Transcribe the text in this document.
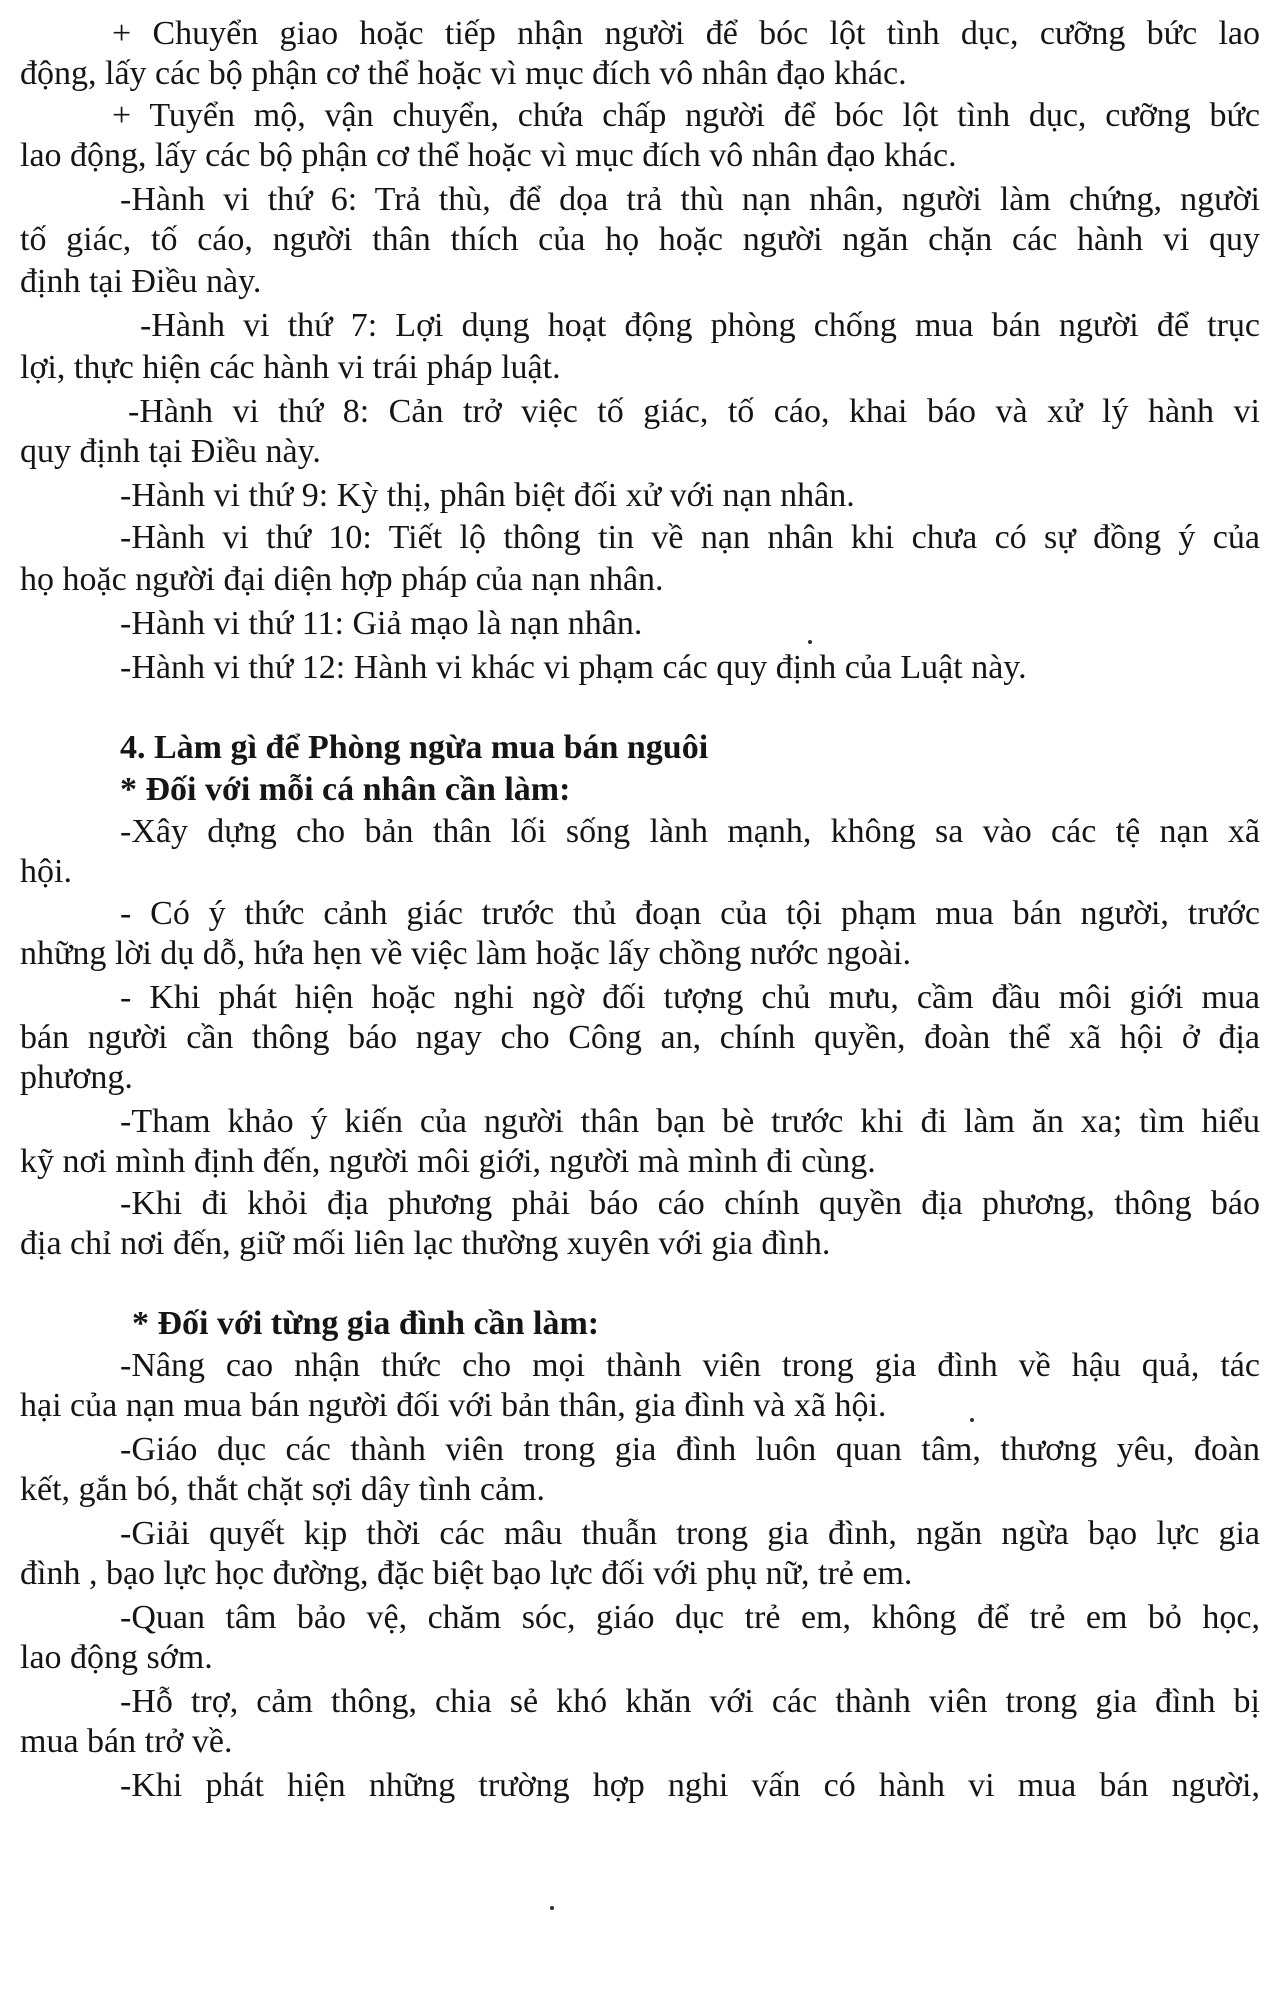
+ Chuyển giao hoặc tiếp nhận người để bóc lột tình dục, cưỡng bức lao
động, lấy các bộ phận cơ thể hoặc vì mục đích vô nhân đạo khác.
+ Tuyển mộ, vận chuyển, chứa chấp người để bóc lột tình dục, cưỡng bức
lao động, lấy các bộ phận cơ thể hoặc vì mục đích vô nhân đạo khác.
-Hành vi thứ 6: Trả thù, để dọa trả thù nạn nhân, người làm chứng, người
tố giác, tố cáo, người thân thích của họ hoặc người ngăn chặn các hành vi quy
định tại Điều này.
-Hành vi thứ 7: Lợi dụng hoạt động phòng chống mua bán người để trục
lợi, thực hiện các hành vi trái pháp luật.
-Hành vi thứ 8: Cản trở việc tố giác, tố cáo, khai báo và xử lý hành vi
quy định tại Điều này.
-Hành vi thứ 9: Kỳ thị, phân biệt đối xử với nạn nhân.
-Hành vi thứ 10: Tiết lộ thông tin về nạn nhân khi chưa có sự đồng ý của
họ hoặc người đại diện hợp pháp của nạn nhân.
-Hành vi thứ 11: Giả mạo là nạn nhân.
-Hành vi thứ 12: Hành vi khác vi phạm các quy định của Luật này.
4. Làm gì để Phòng ngừa mua bán nguôi
* Đối với mỗi cá nhân cần làm:
-Xây dựng cho bản thân lối sống lành mạnh, không sa vào các tệ nạn xã
hội.
- Có ý thức cảnh giác trước thủ đoạn của tội phạm mua bán người, trước
những lời dụ dỗ, hứa hẹn về việc làm hoặc lấy chồng nước ngoài.
- Khi phát hiện hoặc nghi ngờ đối tượng chủ mưu, cầm đầu môi giới mua
bán người cần thông báo ngay cho Công an, chính quyền, đoàn thể xã hội ở địa
phương.
-Tham khảo ý kiến của người thân bạn bè trước khi đi làm ăn xa; tìm hiểu
kỹ nơi mình định đến, người môi giới, người mà mình đi cùng.
-Khi đi khỏi địa phương phải báo cáo chính quyền địa phương, thông báo
địa chỉ nơi đến, giữ mối liên lạc thường xuyên với gia đình.
* Đối với từng gia đình cần làm:
-Nâng cao nhận thức cho mọi thành viên trong gia đình về hậu quả, tác
hại của nạn mua bán người đối với bản thân, gia đình và xã hội.
-Giáo dục các thành viên trong gia đình luôn quan tâm, thương yêu, đoàn
kết, gắn bó, thắt chặt sợi dây tình cảm.
-Giải quyết kịp thời các mâu thuẫn trong gia đình, ngăn ngừa bạo lực gia
đình , bạo lực học đường, đặc biệt bạo lực đối với phụ nữ, trẻ em.
-Quan tâm bảo vệ, chăm sóc, giáo dục trẻ em, không để trẻ em bỏ học,
lao động sớm.
-Hỗ trợ, cảm thông, chia sẻ khó khăn với các thành viên trong gia đình bị
mua bán trở về.
-Khi phát hiện những trường hợp nghi vấn có hành vi mua bán người,
